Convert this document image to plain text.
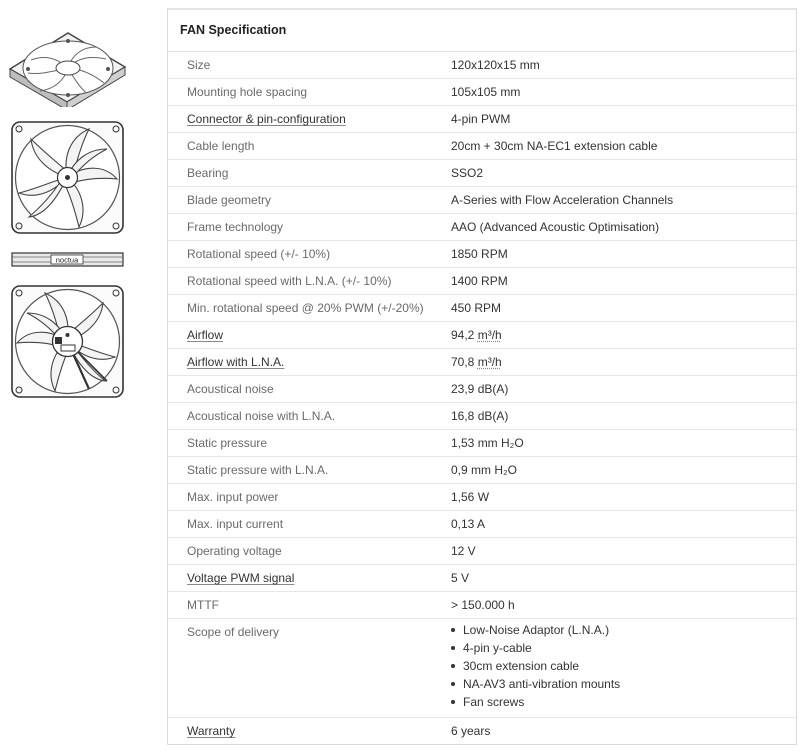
noctua
FAN Specification
Size	120x120x15 mm
Mounting hole spacing	105x105 mm
Connector & pin-configuration	4-pin PWM
Cable length	20cm + 30cm NA-EC1 extension cable
Bearing	SSO2
Blade geometry	A-Series with Flow Acceleration Channels
Frame technology	AAO (Advanced Acoustic Optimisation)
Rotational speed (+/- 10%)	1850 RPM
Rotational speed with L.N.A. (+/- 10%)	1400 RPM
Min. rotational speed @ 20% PWM (+/-20%) 450 RPM
Airflow	94,2 m³/h
Airflow with L.N.A.	70,8 m³/h
Acoustical noise	23,9 dB(A)
Acoustical noise with L.N.A.	16,8 dB(A)
Static pressure	1,53 mm H₂O
Static pressure with L.N.A.	0,9 mm H₂O
Max. input power	1,56 W
Max. input current	0,13 A
Operating voltage	12 V
Voltage PWM signal	5 V
MTTF	> 150.000 h
Scope of delivery	Low-Noise Adaptor (L.N.A.)
4-pin y-cable
30cm extension cable
NA-AV3 anti-vibration mounts
Fan screws
Warranty	6 years
